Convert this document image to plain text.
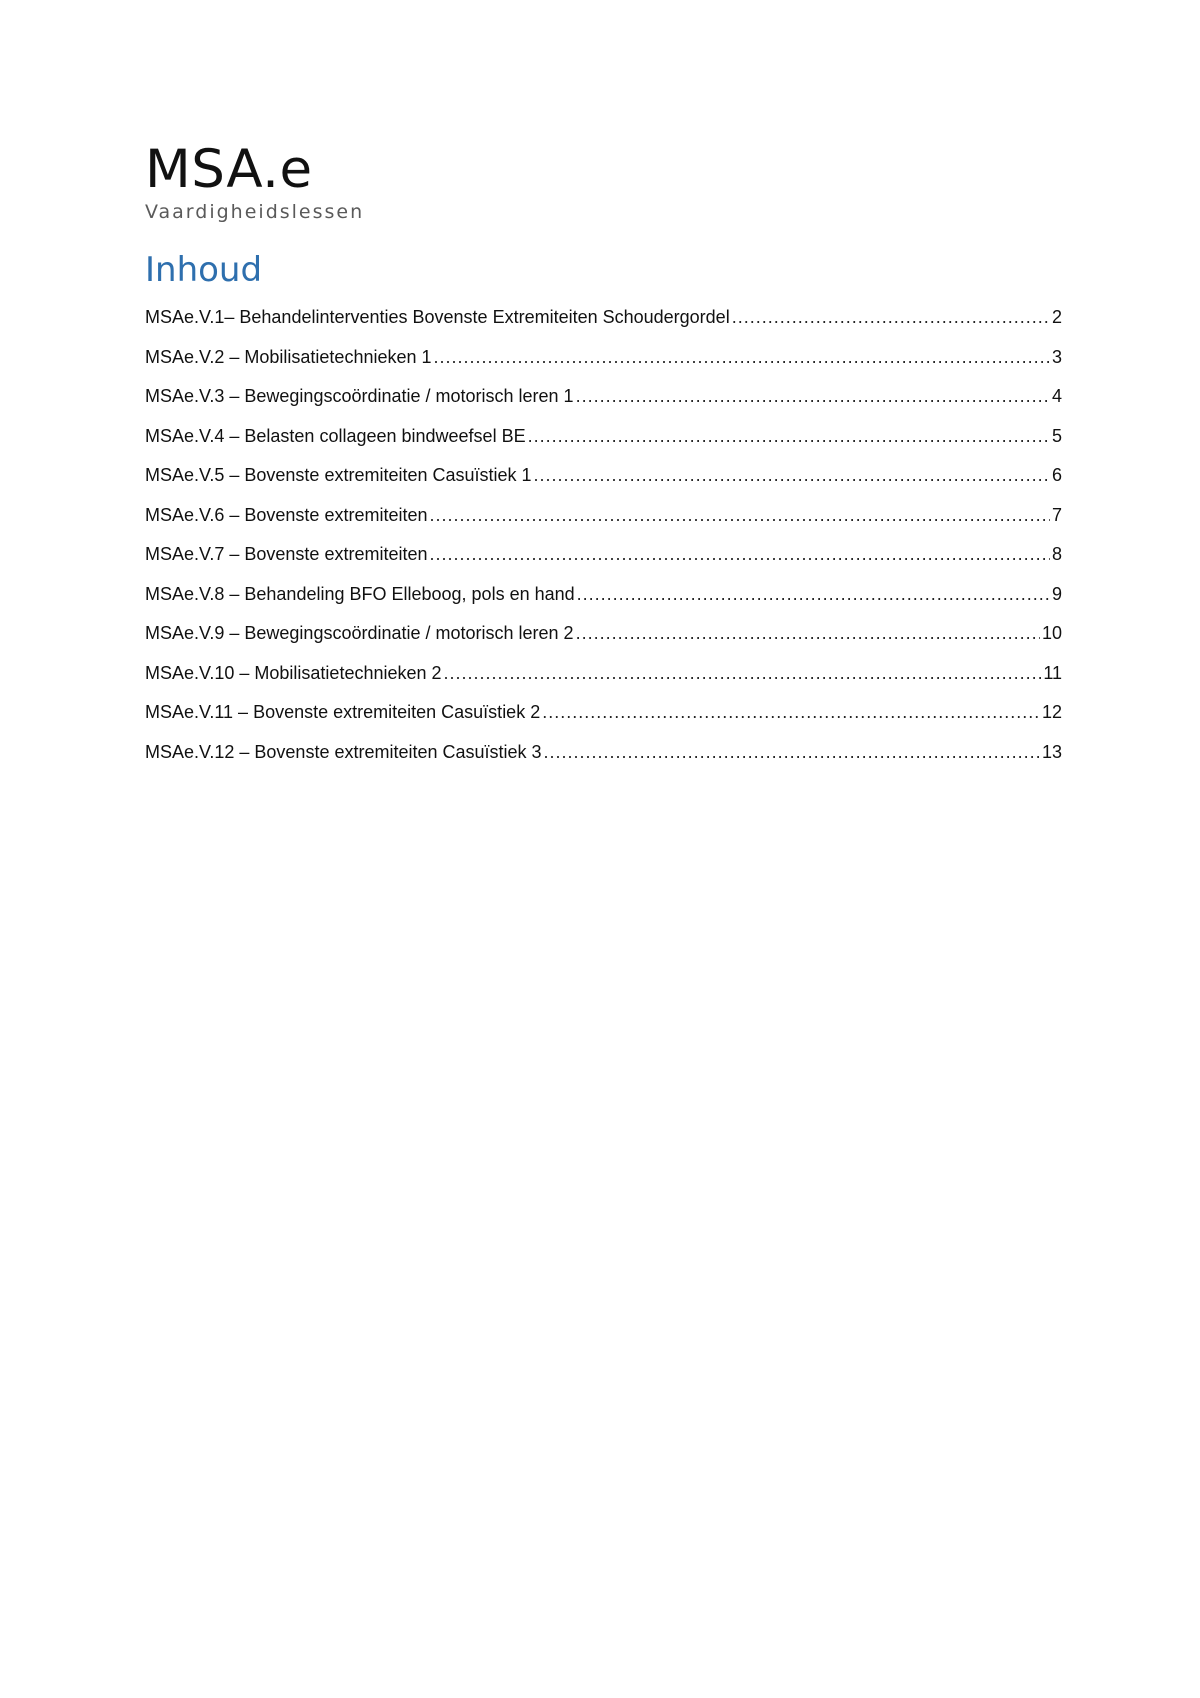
MSA.e
Vaardigheidslessen
Inhoud
MSAe.V.1– Behandelinterventies Bovenste Extremiteiten Schoudergordel .....	2
MSAe.V.2 – Mobilisatietechnieken 1 .....	3
MSAe.V.3 – Bewegingscoördinatie / motorisch leren 1 .....	4
MSAe.V.4 – Belasten collageen bindweefsel BE .....	5
MSAe.V.5 – Bovenste extremiteiten Casuïstiek 1 .....	6
MSAe.V.6 – Bovenste extremiteiten .....	7
MSAe.V.7 – Bovenste extremiteiten .....	8
MSAe.V.8 – Behandeling BFO Elleboog, pols en hand .....	9
MSAe.V.9 – Bewegingscoördinatie / motorisch leren 2 .....	10
MSAe.V.10 – Mobilisatietechnieken 2 .....	11
MSAe.V.11 – Bovenste extremiteiten Casuïstiek 2 .....	12
MSAe.V.12 – Bovenste extremiteiten Casuïstiek 3 .....	13
